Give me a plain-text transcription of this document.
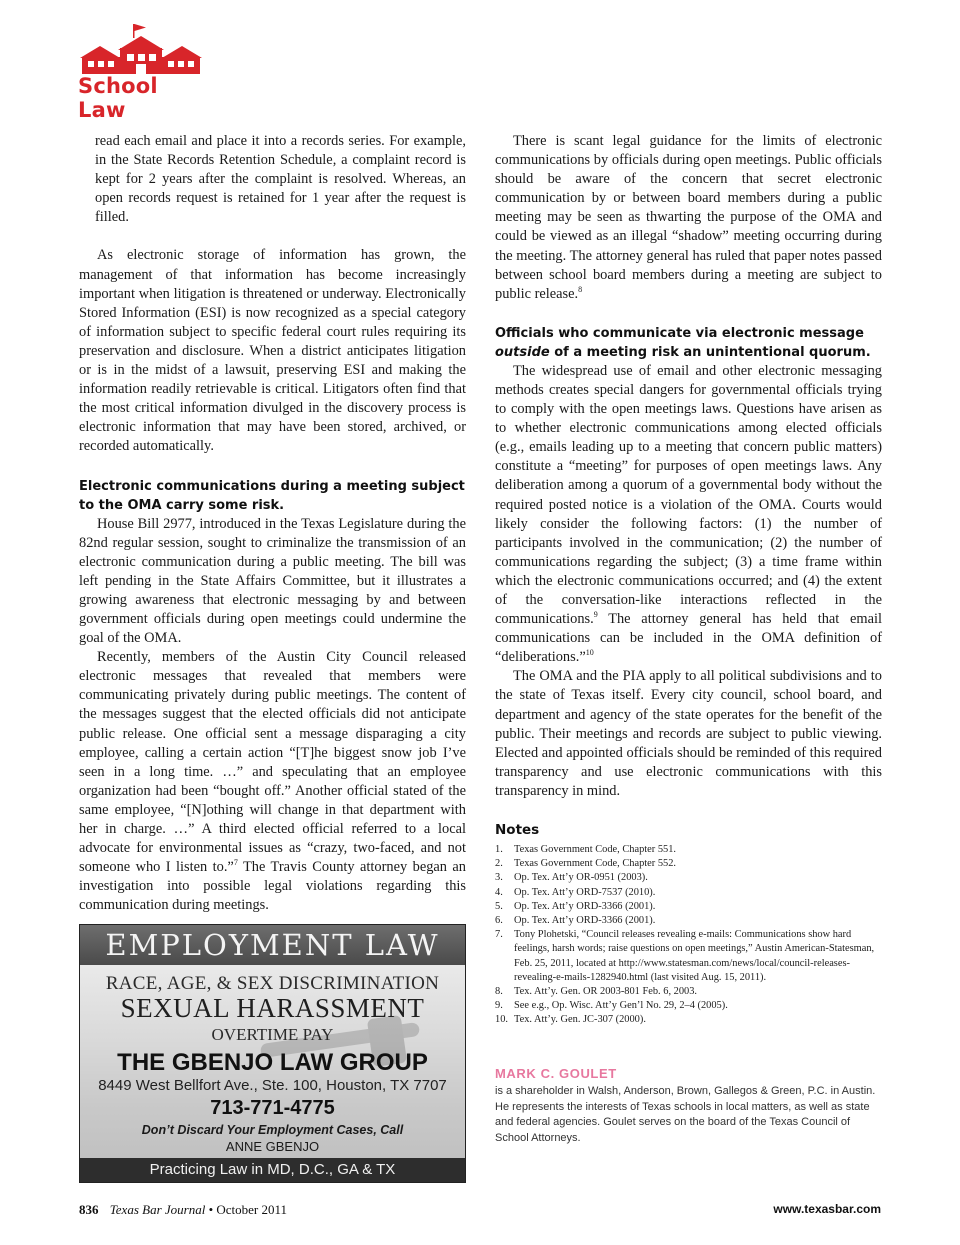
School Law

read each email and place it into a records series. For example, in the State Records Retention Schedule, a complaint record is kept for 2 years after the complaint is resolved. Whereas, an open records request is retained for 1 year after the request is filled.

As electronic storage of information has grown, the management of that information has become increasingly important when litigation is threatened or underway. Electronically Stored Information (ESI) is now recognized as a special category of information subject to specific federal court rules requiring its preservation and disclosure. When a district anticipates litigation or is in the midst of a lawsuit, preserving ESI and making the information readily retrievable is critical. Litigators often find that the most critical information divulged in the discovery process is electronic information that may have been stored, archived, or recorded automatically.

Electronic communications during a meeting subject to the OMA carry some risk.

House Bill 2977, introduced in the Texas Legislature during the 82nd regular session, sought to criminalize the transmission of an electronic communication during a public meeting. The bill was left pending in the State Affairs Committee, but it illustrates a growing awareness that electronic messaging by and between government officials during open meetings could undermine the goal of the OMA.

Recently, members of the Austin City Council released electronic messages that revealed that members were communicating privately during public meetings. The content of the messages suggest that the elected officials did not anticipate public release. One official sent a message disparaging a city employee, calling a certain action “[T]he biggest snow job I’ve seen in a long time. …” and speculating that an employee organization had been “bought off.” Another official stated of the same employee, “[N]othing will change in that department with her in charge. …” A third elected official referred to a local advocate for environmental issues as “crazy, two-faced, and not someone who I listen to.”$^7$ The Travis County attorney began an investigation into possible legal violations regarding this communication during meetings.

There is scant legal guidance for the limits of electronic communications by officials during open meetings. Public officials should be aware of the concern that secret electronic communication by or between board members during a public meeting may be seen as thwarting the purpose of the OMA and could be viewed as an illegal “shadow” meeting occurring during the meeting. The attorney general has ruled that paper notes passed between school board members during a meeting are subject to public release.$^8$

Officials who communicate via electronic message
outside of a meeting risk an unintentional quorum.

The widespread use of email and other electronic messaging methods creates special dangers for governmental officials trying to comply with the open meetings laws. Questions have arisen as to whether electronic communications among elected officials (e.g., emails leading up to a meeting that concern public matters) constitute a “meeting” for purposes of open meetings laws. Any deliberation among a quorum of a governmental body without the required posted notice is a violation of the OMA. Courts would likely consider the following factors: (1) the number of participants involved in the communication; (2) the number of communications regarding the subject; (3) a time frame within which the electronic communications occurred; and (4) the extent of the conversation-like interactions reflected in the communications.$^9$ The attorney general has held that email communications can be included in the OMA definition of “deliberations.”$^{10}$

The OMA and the PIA apply to all political subdivisions and to the state of Texas itself. Every city council, school board, and department and agency of the state operates for the benefit of the public. Their meetings and records are subject to public viewing. Elected and appointed officials should be reminded of this required transparency and use electronic communications with this transparency in mind.

EMPLOYMENT LAW
RACE, AGE, & SEX DISCRIMINATION
SEXUAL HARASSMENT
OVERTIME PAY
THE GBENJO LAW GROUP
8449 West Bellfort Ave., Ste. 100, Houston, TX 7707
713-771-4775
Don’t Discard Your Employment Cases, Call
ANNE GBENJO
Practicing Law in MD, D.C., GA & TX
Notes
1.	Texas Government Code, Chapter 551.
2.	Texas Government Code, Chapter 552.
3.	Op. Tex. Att’y OR-0951 (2003).
4.	Op. Tex. Att’y ORD-7537 (2010).
5.	Op. Tex. Att’y ORD-3366 (2001).
6.	Op. Tex. Att’y ORD-3366 (2001).
7.	Tony Plohetski, “Council releases revealing e-mails: Communications show hard feelings, harsh words; raise questions on open meetings,” Austin American-Statesman, Feb. 25, 2011, located at http://www.statesman.com/news/local/council-releases-revealing-e-mails-1282940.html (last visited Aug. 15, 2011).
8.	Tex. Att’y. Gen. OR 2003-801 Feb. 6, 2003.
9.	See e.g., Op. Wisc. Att’y Gen’l No. 29, 2–4 (2005).
10. Tex. Att’y. Gen. JC-307 (2000).
MARK C. GOULET
is a shareholder in Walsh, Anderson, Brown, Gallegos & Green, P.C. in Austin. He represents the interests of Texas schools in local matters, as well as state and federal agencies. Goulet serves on the board of the Texas Council of School Attorneys.
836 Texas Bar Journal • October 2011	www.texasbar.com
